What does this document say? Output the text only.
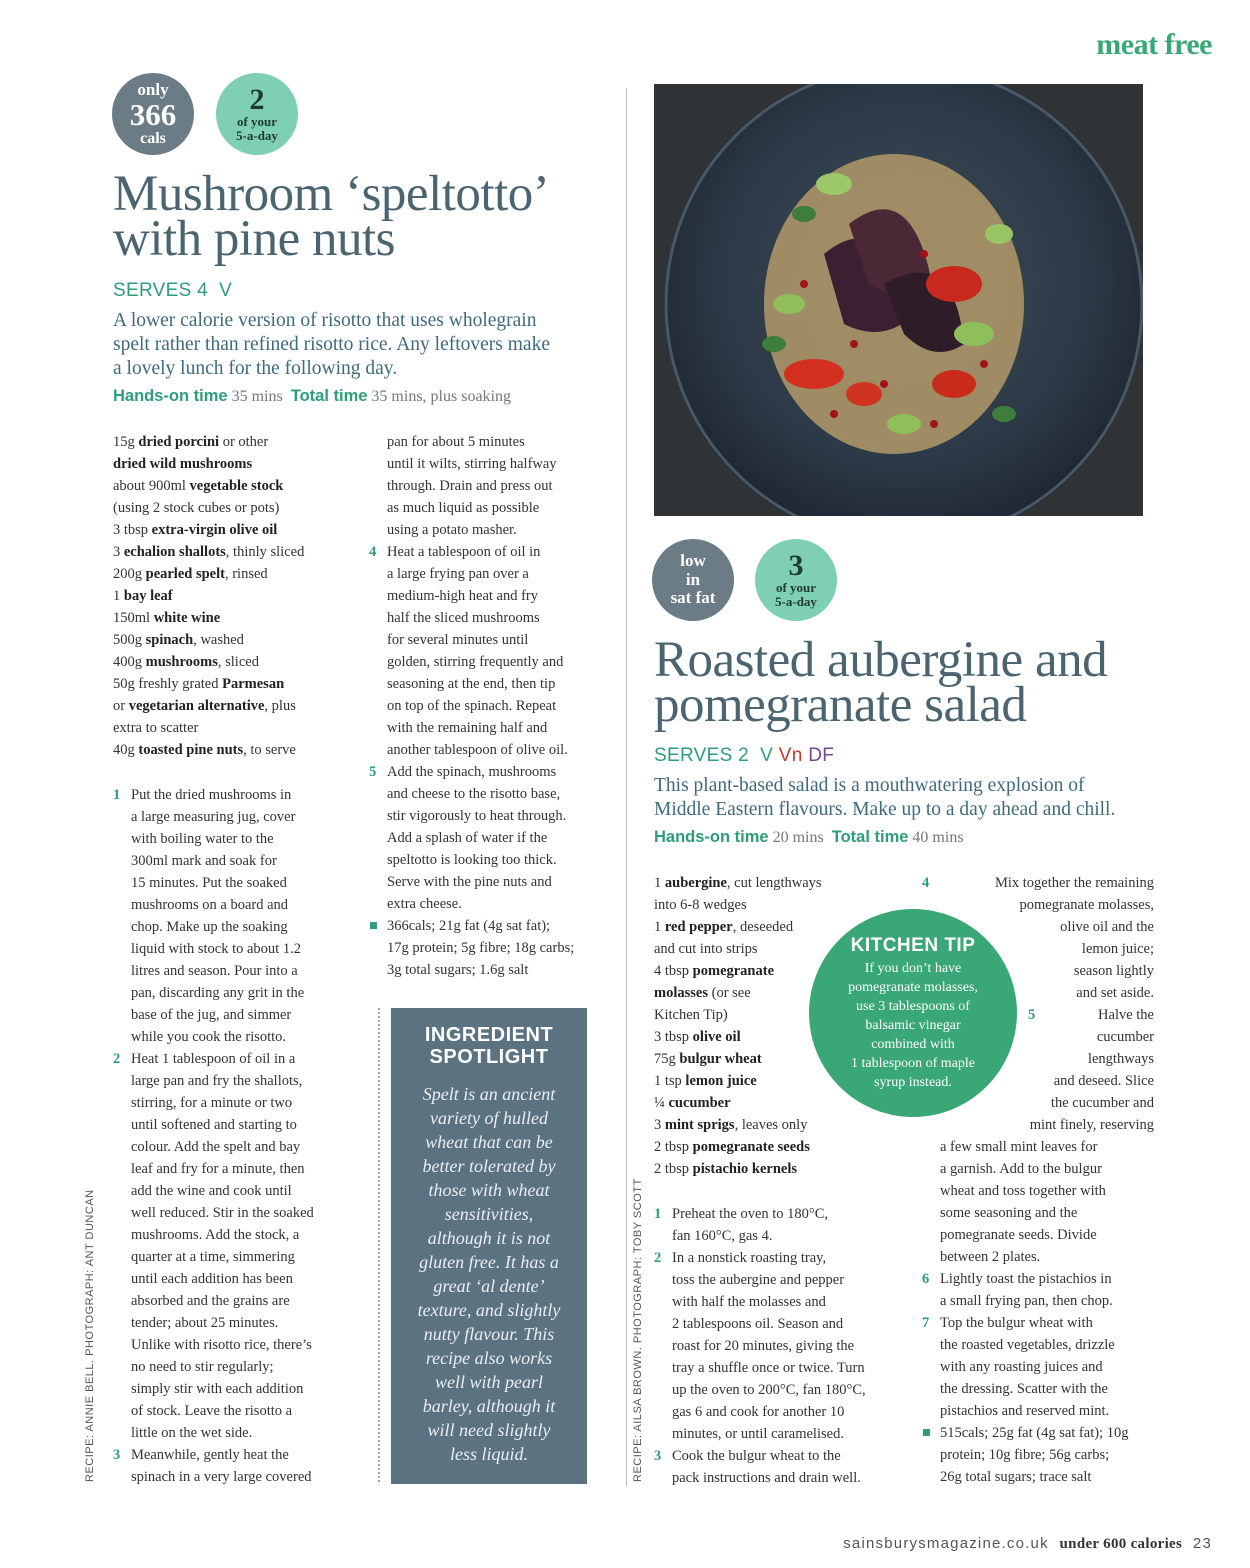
meat free
only
366
cals
2
of your
5-a-day
Mushroom ‘speltotto’
with pine nuts
SERVES 4 V
A lower calorie version of risotto that uses wholegrain
spelt rather than refined risotto rice. Any leftovers make
a lovely lunch for the following day.
Hands-on time 35 mins Total time 35 mins, plus soaking
15g dried porcini or other
dried wild mushrooms
about 900ml vegetable stock
(using 2 stock cubes or pots)
3 tbsp extra-virgin olive oil
3 echalion shallots, thinly sliced
200g pearled spelt, rinsed
1 bay leaf
150ml white wine
500g spinach, washed
400g mushrooms, sliced
50g freshly grated Parmesan
or vegetarian alternative, plus
extra to scatter
40g toasted pine nuts, to serve
1 Put the dried mushrooms in
a large measuring jug, cover
with boiling water to the
300ml mark and soak for
15 minutes. Put the soaked
mushrooms on a board and
chop. Make up the soaking
liquid with stock to about 1.2
litres and season. Pour into a
pan, discarding any grit in the
base of the jug, and simmer
while you cook the risotto.
2 Heat 1 tablespoon of oil in a
large pan and fry the shallots,
stirring, for a minute or two
until softened and starting to
colour. Add the spelt and bay
leaf and fry for a minute, then
add the wine and cook until
well reduced. Stir in the soaked
mushrooms. Add the stock, a
quarter at a time, simmering
until each addition has been
absorbed and the grains are
tender; about 25 minutes.
Unlike with risotto rice, there’s
no need to stir regularly;
simply stir with each addition
of stock. Leave the risotto a
little on the wet side.
3 Meanwhile, gently heat the
spinach in a very large covered
pan for about 5 minutes
until it wilts, stirring halfway
through. Drain and press out
as much liquid as possible
using a potato masher.
4 Heat a tablespoon of oil in
a large frying pan over a
medium-high heat and fry
half the sliced mushrooms
for several minutes until
golden, stirring frequently and
seasoning at the end, then tip
on top of the spinach. Repeat
with the remaining half and
another tablespoon of olive oil.
5 Add the spinach, mushrooms
and cheese to the risotto base,
stir vigorously to heat through.
Add a splash of water if the
speltotto is looking too thick.
Serve with the pine nuts and
extra cheese.
■ 366cals; 21g fat (4g sat fat);
17g protein; 5g fibre; 18g carbs;
3g total sugars; 1.6g salt
INGREDIENT
SPOTLIGHT
Spelt is an ancient
variety of hulled
wheat that can be
better tolerated by
those with wheat
sensitivities,
although it is not
gluten free. It has a
great ‘al dente’
texture, and slightly
nutty flavour. This
recipe also works
well with pearl
barley, although it
will need slightly
less liquid.
RECIPE: ANNIE BELL. PHOTOGRAPH: ANT DUNCAN
low
in
sat fat
3
of your
5-a-day
Roasted aubergine and
pomegranate salad
SERVES 2 V Vn DF
This plant-based salad is a mouthwatering explosion of
Middle Eastern flavours. Make up to a day ahead and chill.
Hands-on time 20 mins Total time 40 mins
1 aubergine, cut lengthways
into 6-8 wedges
1 red pepper, deseeded
and cut into strips
4 tbsp pomegranate
molasses (or see
Kitchen Tip)
3 tbsp olive oil
75g bulgur wheat
1 tsp lemon juice
¼ cucumber
3 mint sprigs, leaves only
2 tbsp pomegranate seeds
2 tbsp pistachio kernels
1 Preheat the oven to 180°C,
fan 160°C, gas 4.
2 In a nonstick roasting tray,
toss the aubergine and pepper
with half the molasses and
2 tablespoons oil. Season and
roast for 20 minutes, giving the
tray a shuffle once or twice. Turn
up the oven to 200°C, fan 180°C,
gas 6 and cook for another 10
minutes, or until caramelised.
3 Cook the bulgur wheat to the
pack instructions and drain well.
4	Mix together the remaining
pomegranate molasses,
olive oil and the
lemon juice;
season lightly
and set aside.
5	Halve the
cucumber
lengthways
and deseed. Slice
the cucumber and
mint finely, reserving
a few small mint leaves for
a garnish. Add to the bulgur
wheat and toss together with
some seasoning and the
pomegranate seeds. Divide
between 2 plates.
6 Lightly toast the pistachios in
a small frying pan, then chop.
7 Top the bulgur wheat with
the roasted vegetables, drizzle
with any roasting juices and
the dressing. Scatter with the
pistachios and reserved mint.
■ 515cals; 25g fat (4g sat fat); 10g
protein; 10g fibre; 56g carbs;
26g total sugars; trace salt
KITCHEN TIP
If you don’t have
pomegranate molasses,
use 3 tablespoons of
balsamic vinegar
combined with
1 tablespoon of maple
syrup instead.
RECIPE: AILSA BROWN. PHOTOGRAPH: TOBY SCOTT
sainsburysmagazine.co.uk under 600 calories 23
